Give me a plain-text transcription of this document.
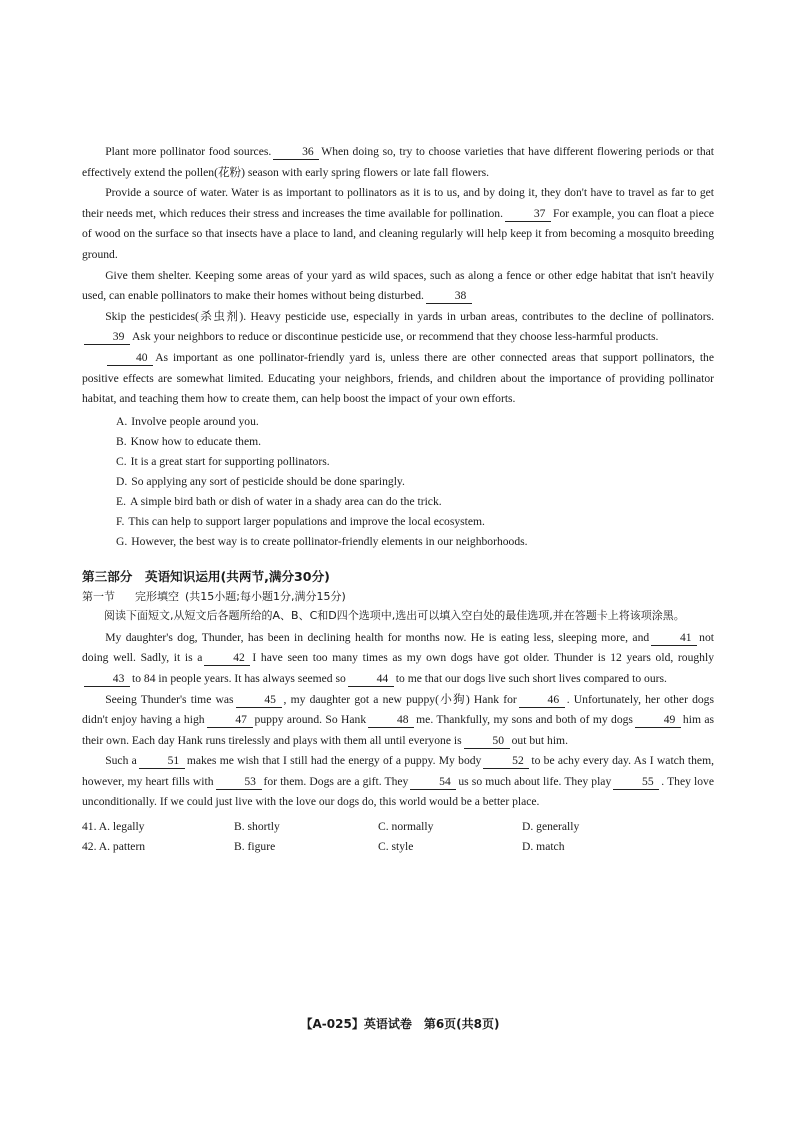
Plant more pollinator food sources.	36 When doing so, try to choose varieties that have different flowering periods or that effectively extend the pollen(花粉) season with early spring flowers or late fall flowers.

Provide a source of water. Water is as important to pollinators as it is to us, and by doing it, they don't have to travel as far to get their needs met, which reduces their stress and increases the time available for pollination.	37 For example, you can float a piece of wood on the surface so that insects have a place to land, and cleaning regularly will help keep it from becoming a mosquito breeding ground.

Give them shelter. Keeping some areas of your yard as wild spaces, such as along a fence or other edge habitat that isn't heavily used, can enable pollinators to make their homes without being disturbed.	38

Skip the pesticides(杀虫剂). Heavy pesticide use, especially in yards in urban areas, contributes to the decline of pollinators.39 Ask your neighbors to reduce or discontinue pesticide use, or recommend that they choose less-harmful products.

40 As important as one pollinator-friendly yard is, unless there are other connected areas that support pollinators, the positive effects are somewhat limited. Educating your neighbors, friends, and children about the importance of providing pollinator habitat, and teaching them how to create them, can help boost the impact of your own efforts.

A. Involve people around you.
B. Know how to educate them.
C. It is a great start for supporting pollinators.
D. So applying any sort of pesticide should be done sparingly.
E. A simple bird bath or dish of water in a shady area can do the trick.
F. This can help to support larger populations and improve the local ecosystem.
G. However, the best way is to create pollinator-friendly elements in our neighborhoods.
第三部分　英语知识运用(共两节,满分30分)
第一节 完形填空 (共15小题;每小题1分,满分15分)

阅读下面短文,从短文后各题所给的A、B、C和D四个选项中,选出可以填入空白处的最佳选项,并在答题卡上将该项涂黑。

My daughter's dog, Thunder, has been in declining health for months now. He is eating less, sleeping more, and	41 not doing well. Sadly, it is a	42 I have seen too many times as my own dogs have got older. Thunder is 12 years old, roughly43 to 84 in people years. It has always seemed so	44 to me that our dogs live such short lives compared to ours.

Seeing Thunder's time was	45 , my daughter got a new puppy(小狗) Hank for	46 . Unfortunately, her other dogs didn't enjoy having a high	47 puppy around. So Hank	48 me. Thankfully, my sons and both of my dogs	49 him as their own. Each day Hank runs tirelessly and plays with them all until everyone is	50 out but him.

Such a	51 makes me wish that I still had the energy of a puppy. My body	52 to be achy every day. As I watch them, however, my heart fills with	53 for them. Dogs are a gift. They	54 us so much about life. They play	55 . They love unconditionally. If we could just live with the love our dogs do, this world would be a better place.

41. A. legally	B. shortly	C. normally	D. generally
42. A. pattern	B. figure	C. style	D. match
【A-025】英语试卷　第6页(共8页)
